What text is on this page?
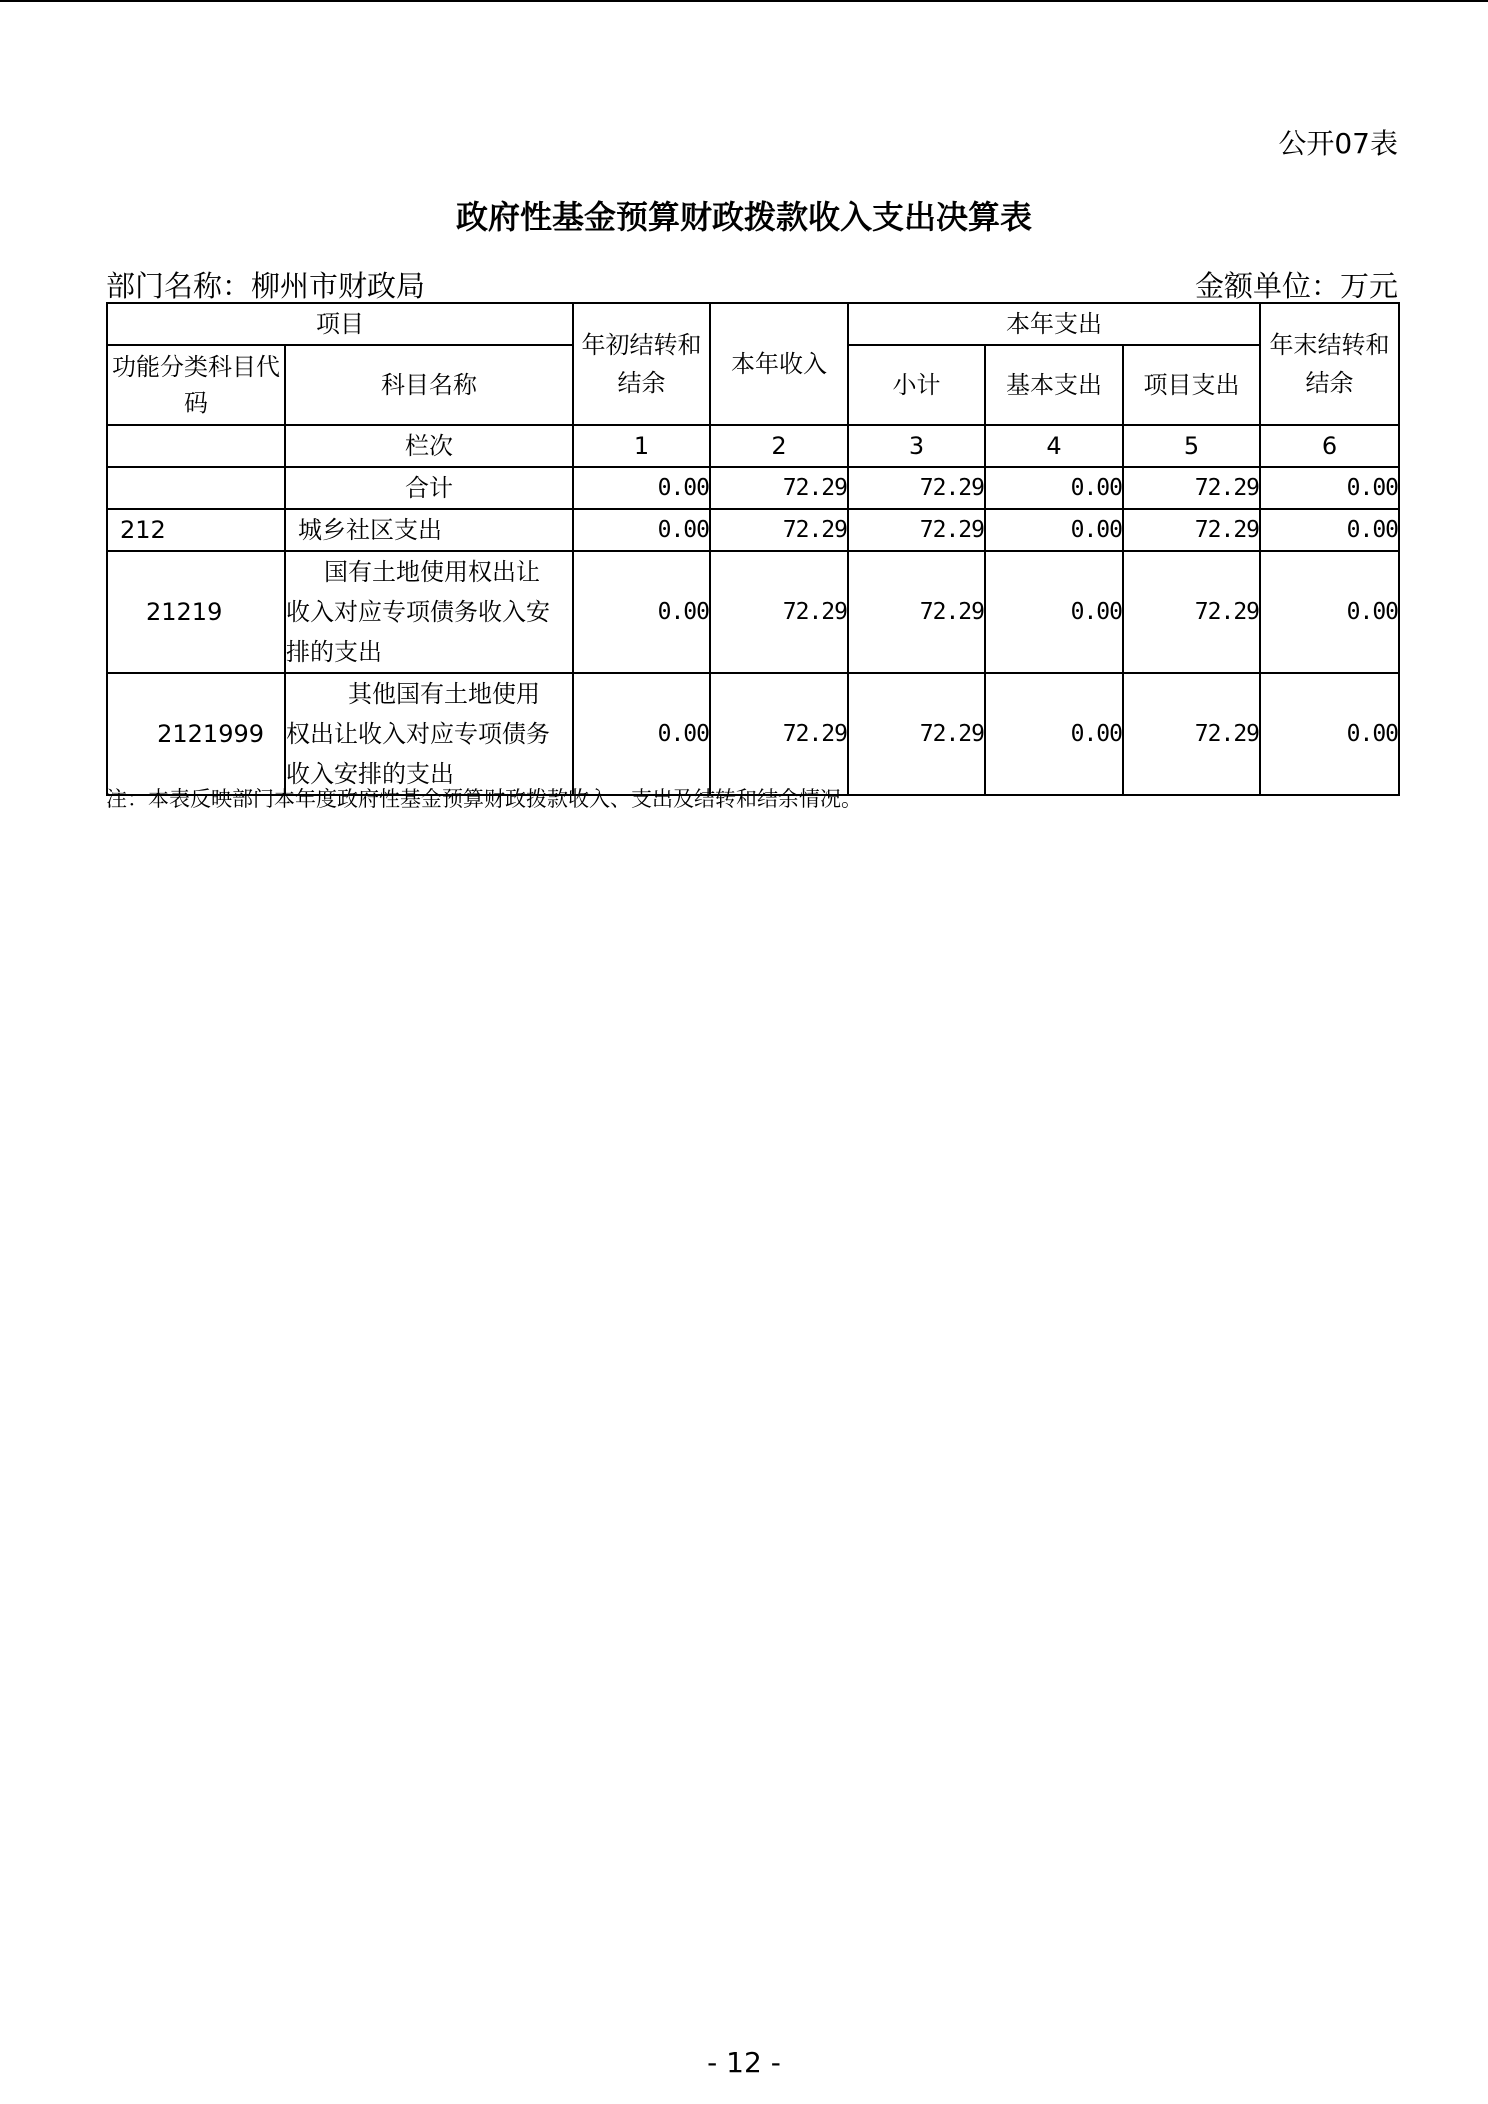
公开07表
政府性基金预算财政拨款收入支出决算表
部门名称：柳州市财政局	金额单位：万元
项目		年初结转和结余	本年收入	本年支出			年末结转和结余
功能分类科目代码	科目名称			小计	基本支出	项目支出	
	栏次	1	2	3	4	5	6
	合计	0.00	72.29	72.29	0.00	72.29	0.00
212	城乡社区支出	0.00	72.29	72.29	0.00	72.29	0.00
21219	国有土地使用权出让
收入对应专项债务收入安
排的支出	0.00	72.29	72.29	0.00	72.29	0.00
2121999	其他国有土地使用
权出让收入对应专项债务
收入安排的支出	0.00	72.29	72.29	0.00	72.29	0.00
注：本表反映部门本年度政府性基金预算财政拨款收入、支出及结转和结余情况。
- 12 -
